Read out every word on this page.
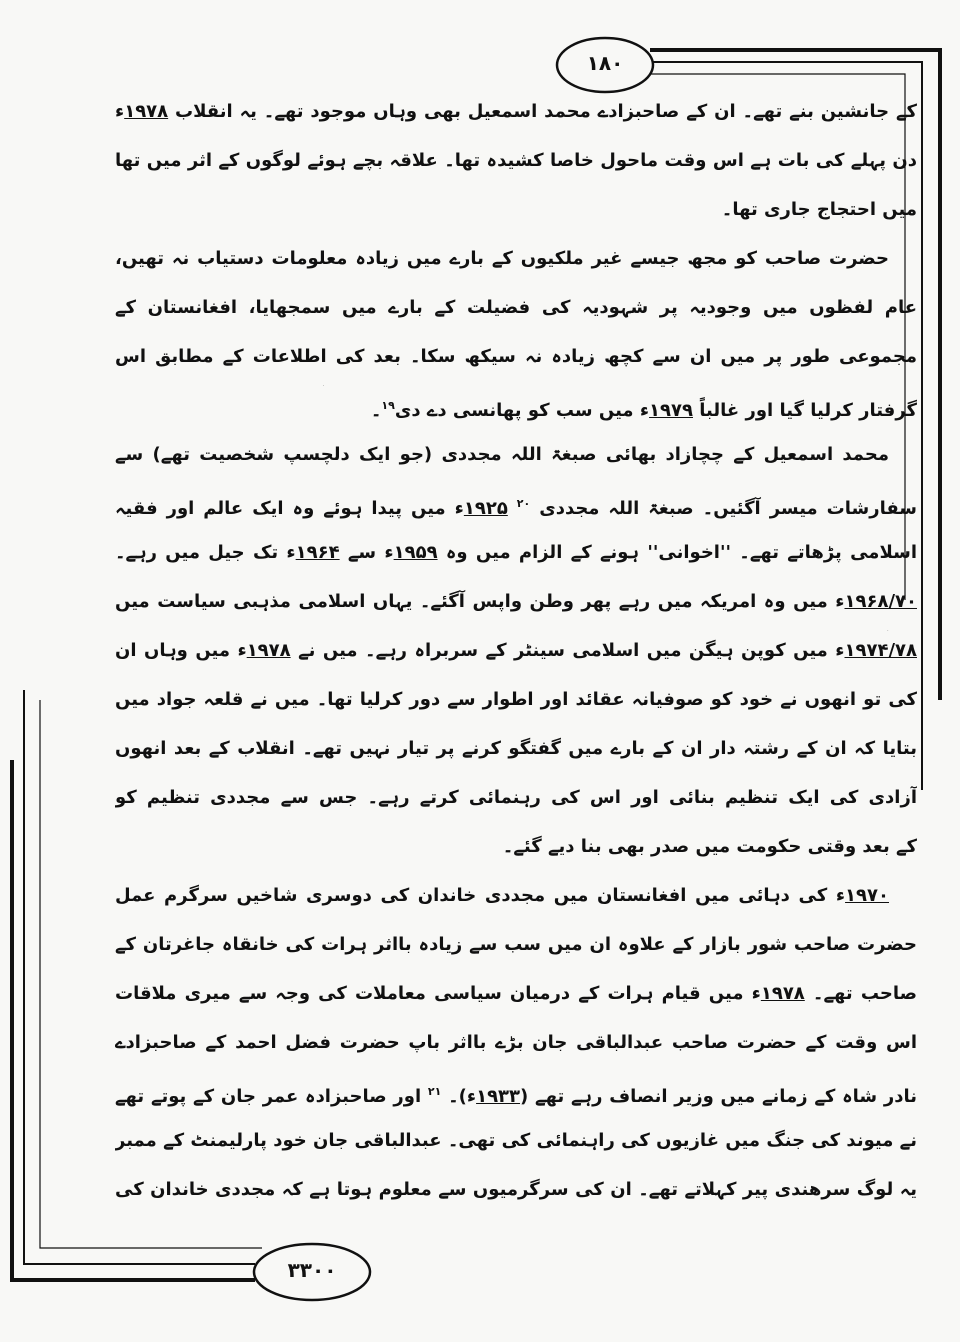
۱۸۰
۳۳۰۰
کے جانشین بنے تھے۔ ان کے صاحبزادے محمد اسمعیل بھی وہاں موجود تھے۔ یہ انقلاب ۱۹۷۸ء
دن پہلے کی بات ہے اس وقت ماحول خاصا کشیدہ تھا۔ علاقہ بچے ہوئے لوگوں کے اثر میں تھا
میں احتجاج جاری تھا۔
حضرت صاحب کو مجھ جیسے غیر ملکیوں کے بارے میں زیادہ معلومات دستیاب نہ تھیں،
عام لفظوں میں وجودیہ پر شہودیہ کی فضیلت کے بارے میں سمجھایا، افغانستان کے
مجموعی طور پر میں ان سے کچھ زیادہ نہ سیکھ سکا۔ بعد کی اطلاعات کے مطابق اس
گرفتار کرلیا گیا اور غالباً ۱۹۷۹ء میں سب کو پھانسی دے دی$^{۱۹}$۔
محمد اسمعیل کے چچازاد بھائی صبغۃ اللہ مجددی (جو ایک دلچسپ شخصیت تھے) سے
سفارشات میسر آگئیں۔ صبغۃ اللہ مجددی $^{۲۰}$ ۱۹۲۵ء میں پیدا ہوئے وہ ایک عالم اور فقیہ
اسلامی پڑھاتے تھے۔ ''اخوانی'' ہونے کے الزام میں وہ ۱۹۵۹ء سے ۱۹۶۴ء تک جیل میں رہے۔
۱۹۶۸/۷۰ء میں وہ امریکہ میں رہے پھر وطن واپس آگئے۔ یہاں اسلامی مذہبی سیاست میں
۱۹۷۴/۷۸ء میں کوپن ہیگن میں اسلامی سینٹر کے سربراہ رہے۔ میں نے ۱۹۷۸ء میں وہاں ان
کی تو انھوں نے خود کو صوفیانہ عقائد اور اطوار سے دور کرلیا تھا۔ میں نے قلعہ جواد میں
بتایا کہ ان کے رشتہ دار ان کے بارے میں گفتگو کرنے پر تیار نہیں تھے۔ انقلاب کے بعد انھوں
آزادی کی ایک تنظیم بنائی اور اس کی رہنمائی کرتے رہے۔ جس سے مجددی تنظیم کو
کے بعد وقتی حکومت میں صدر بھی بنا دیے گئے۔
۱۹۷۰ء کی دہائی میں افغانستان میں مجددی خاندان کی دوسری شاخیں سرگرم عمل
حضرت صاحب شور بازار کے علاوہ ان میں سب سے زیادہ بااثر ہرات کی خانقاہ جاغرتان کے
صاحب تھے۔ ۱۹۷۸ء میں قیام ہرات کے درمیان سیاسی معاملات کی وجہ سے میری ملاقات
اس وقت کے حضرت صاحب عبدالباقی جان بڑے بااثر باپ حضرت فضل احمد کے صاحبزادے
نادر شاہ کے زمانے میں وزیر انصاف رہے تھے (۱۹۳۳ء)۔ $^{۲۱}$ اور صاحبزادہ عمر جان کے پوتے تھے
نے میوند کی جنگ میں غازیوں کی راہنمائی کی تھی۔ عبدالباقی جان خود پارلیمنٹ کے ممبر
یہ لوگ سرھندی پیر کہلاتے تھے۔ ان کی سرگرمیوں سے معلوم ہوتا ہے کہ مجددی خاندان کی
